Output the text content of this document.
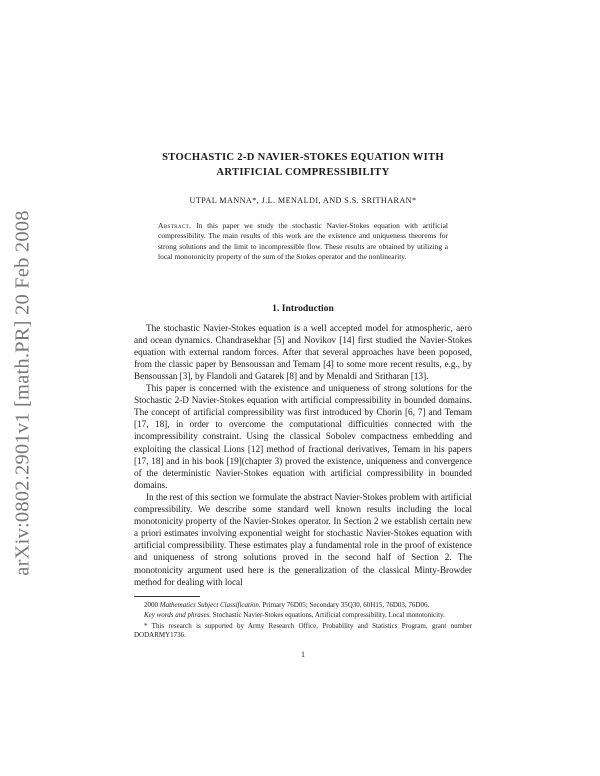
arXiv:0802.2901v1 [math.PR] 20 Feb 2008
STOCHASTIC 2-D NAVIER-STOKES EQUATION WITH
ARTIFICIAL COMPRESSIBILITY
UTPAL MANNA*, J.L. MENALDI, AND S.S. SRITHARAN*
Abstract. In this paper we study the stochastic Navier-Stokes equation with artificial compressibility. The main results of this work are the existence and uniqueness theorems for strong solutions and the limit to incompressible flow. These results are obtained by utilizing a local monotonicity property of the sum of the Stokes operator and the nonlinearity.
1. Introduction

The stochastic Navier-Stokes equation is a well accepted model for atmospheric, aero and ocean dynamics. Chandrasekhar [5] and Novikov [14] first studied the Navier-Stokes equation with external random forces. After that several approaches have been poposed, from the classic paper by Bensoussan and Temam [4] to some more recent results, e.g., by Bensoussan [3], by Flandoli and Gatarek [8] and by Menaldi and Sritharan [13].

This paper is concerned with the existence and uniqueness of strong solutions for the Stochastic 2-D Navier-Stokes equation with artificial compressibility in bounded domains. The concept of artificial compressibility was first introduced by Chorin [6, 7] and Temam [17, 18], in order to overcome the computational difficulties connected with the incompressibility constraint. Using the classical Sobolev compactness embedding and exploiting the classical Lions [12] method of fractional derivatives, Temam in his papers [17, 18] and in his book [19](chapter 3) proved the existence, uniqueness and convergence of the deterministic Navier-Stokes equation with artificial compressibility in bounded domains.

In the rest of this section we formulate the abstract Navier-Stokes problem with artificial compressibility. We describe some standard well known results including the local monotonicity property of the Navier-Stokes operator. In Section 2 we establish certain new a priori estimates involving exponential weight for stochastic Navier-Stokes equation with artificial compressibility. These estimates play a fundamental role in the proof of existence and uniqueness of strong solutions proved in the second half of Section 2. The monotonicity argument used here is the generalization of the classical Minty-Browder method for dealing with local

2000 Mathematics Subject Classification. Primary 76D05; Secondary 35Q30, 60H15, 76D03, 76D06.

Key words and phrases. Stochastic Navier-Stokes equations, Artificial compressibility, Local monotonicity.

* This research is supported by Army Research Office, Probability and Statistics Program, grant number DODARMY1736.

1
